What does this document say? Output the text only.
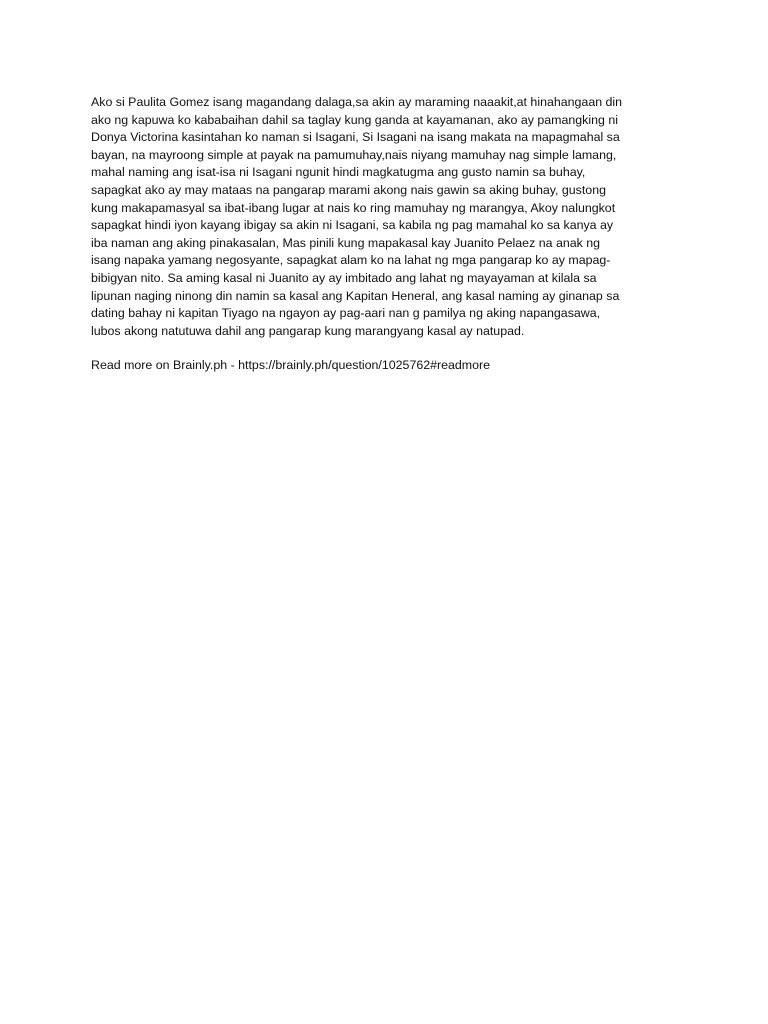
Ako si Paulita Gomez isang magandang dalaga,sa akin ay maraming naaakit,at hinahangaan din
ako ng kapuwa ko kababaihan dahil sa taglay kung ganda at kayamanan, ako ay pamangking ni
Donya Victorina kasintahan ko naman si Isagani, Si Isagani na isang makata na mapagmahal sa
bayan, na mayroong simple at payak na pamumuhay,nais niyang mamuhay nag simple lamang,
mahal naming ang isat-isa ni Isagani ngunit hindi magkatugma ang gusto namin sa buhay,
sapagkat ako ay may mataas na pangarap marami akong nais gawin sa aking buhay, gustong
kung makapamasyal sa ibat-ibang lugar at nais ko ring mamuhay ng marangya, Akoy nalungkot
sapagkat hindi iyon kayang ibigay sa akin ni Isagani, sa kabila ng pag mamahal ko sa kanya ay
iba naman ang aking pinakasalan, Mas pinili kung mapakasal kay Juanito Pelaez na anak ng
isang napaka yamang negosyante, sapagkat alam ko na lahat ng mga pangarap ko ay mapag-
bibigyan nito. Sa aming kasal ni Juanito ay ay imbitado ang lahat ng mayayaman at kilala sa
lipunan naging ninong din namin sa kasal ang Kapitan Heneral, ang kasal naming ay ginanap sa
dating bahay ni kapitan Tiyago na ngayon ay pag-aari nan g pamilya ng aking napangasawa,
lubos akong natutuwa dahil ang pangarap kung marangyang kasal ay natupad.
Read more on Brainly.ph - https://brainly.ph/question/1025762#readmore
